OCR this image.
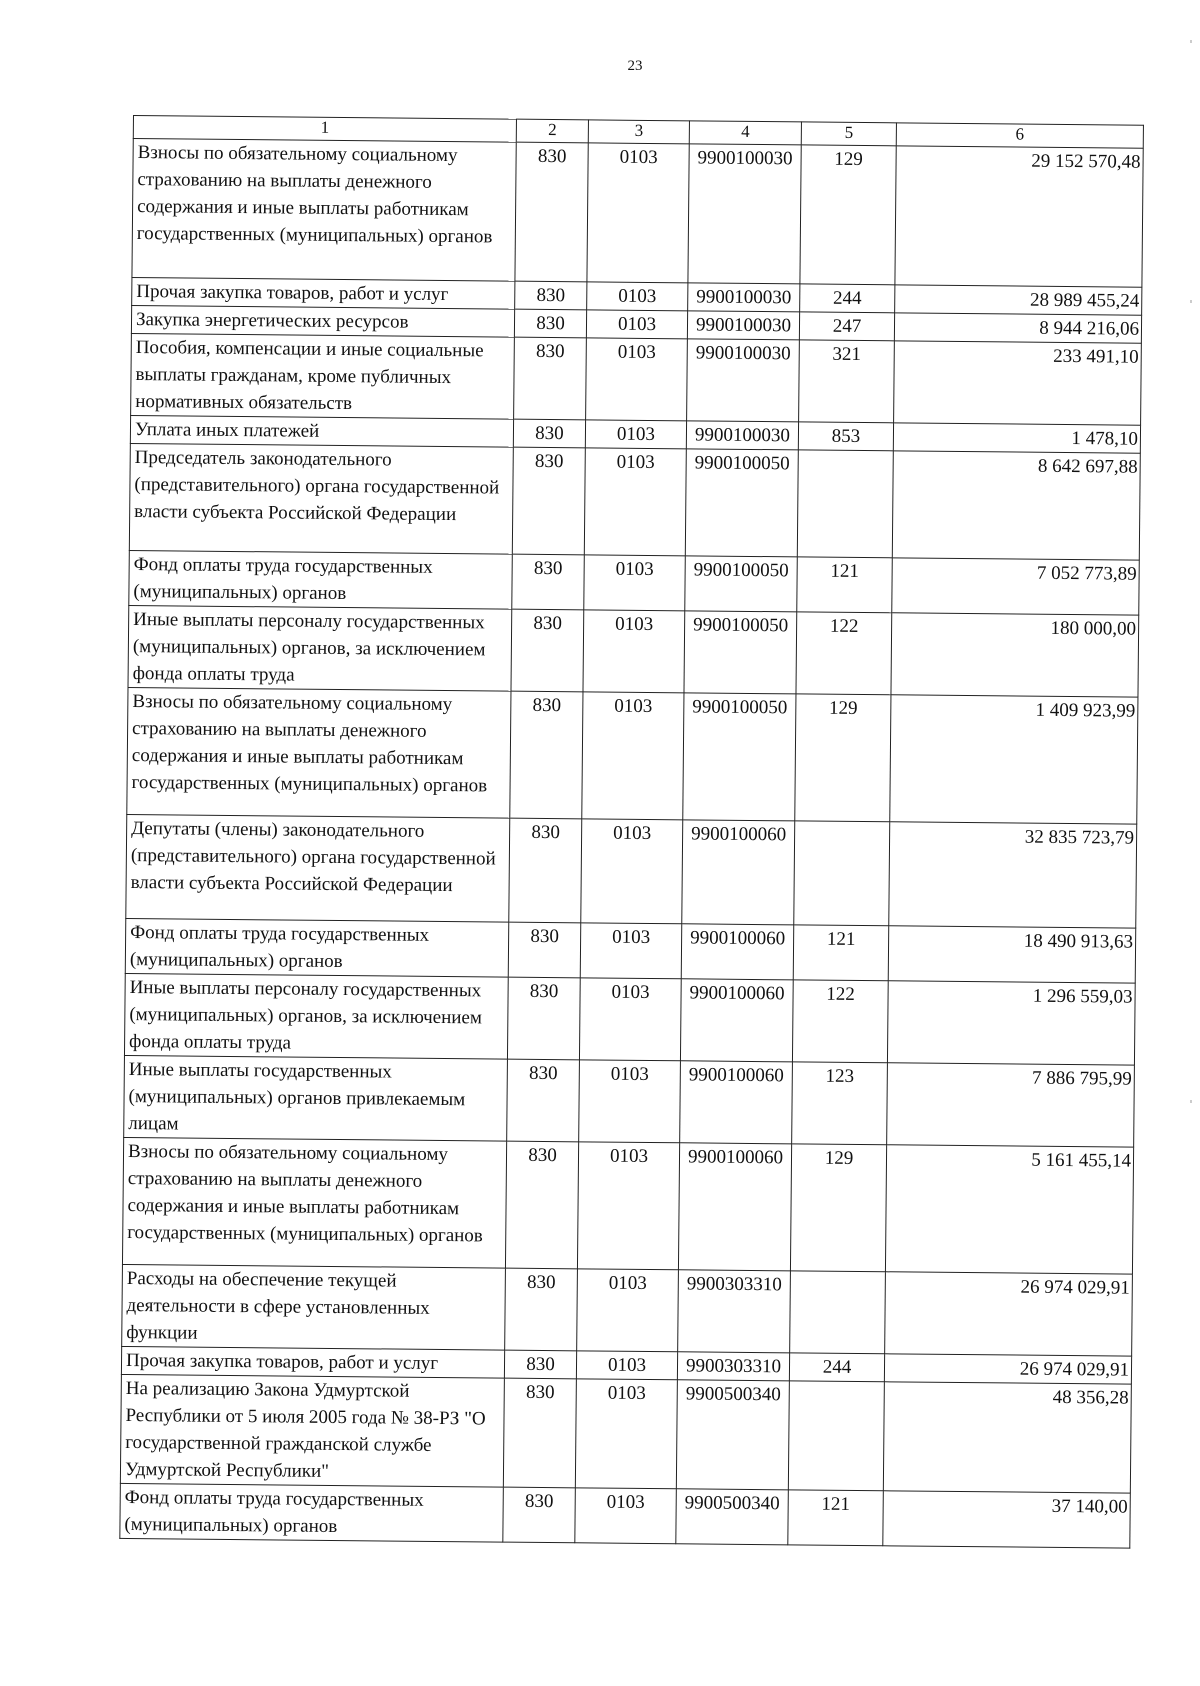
23
1	2	3	4	5	6
Взносы по обязательному социальному страхованию на выплаты денежного содержания и иные выплаты работникам государственных (муниципальных) органов	830	0103	9900100030	129	29 152 570,48
Прочая закупка товаров, работ и услуг	830	0103	9900100030	244	28 989 455,24
Закупка энергетических ресурсов	830	0103	9900100030	247	8 944 216,06
Пособия, компенсации и иные социальные выплаты гражданам, кроме публичных нормативных обязательств	830	0103	9900100030	321	233 491,10
Уплата иных платежей	830	0103	9900100030	853	1 478,10
Председатель законодательного (представительного) органа государственной власти субъекта Российской Федерации	830	0103	9900100050		8 642 697,88
Фонд оплаты труда государственных (муниципальных) органов	830	0103	9900100050	121	7 052 773,89
Иные выплаты персоналу государственных (муниципальных) органов, за исключением фонда оплаты труда	830	0103	9900100050	122	180 000,00
Взносы по обязательному социальному страхованию на выплаты денежного содержания и иные выплаты работникам государственных (муниципальных) органов	830	0103	9900100050	129	1 409 923,99
Депутаты (члены) законодательного (представительного) органа государственной власти субъекта Российской Федерации	830	0103	9900100060		32 835 723,79
Фонд оплаты труда государственных (муниципальных) органов	830	0103	9900100060	121	18 490 913,63
Иные выплаты персоналу государственных (муниципальных) органов, за исключением фонда оплаты труда	830	0103	9900100060	122	1 296 559,03
Иные выплаты государственных (муниципальных) органов привлекаемым лицам	830	0103	9900100060	123	7 886 795,99
Взносы по обязательному социальному страхованию на выплаты денежного содержания и иные выплаты работникам государственных (муниципальных) органов	830	0103	9900100060	129	5 161 455,14
Расходы на обеспечение текущей деятельности в сфере установленных функции	830	0103	9900303310		26 974 029,91
Прочая закупка товаров, работ и услуг	830	0103	9900303310	244	26 974 029,91
На реализацию Закона Удмуртской Республики от 5 июля 2005 года № 38-РЗ "О государственной гражданской службе Удмуртской Республики"	830	0103	9900500340		48 356,28
Фонд оплаты труда государственных (муниципальных) органов	830	0103	9900500340	121	37 140,00
